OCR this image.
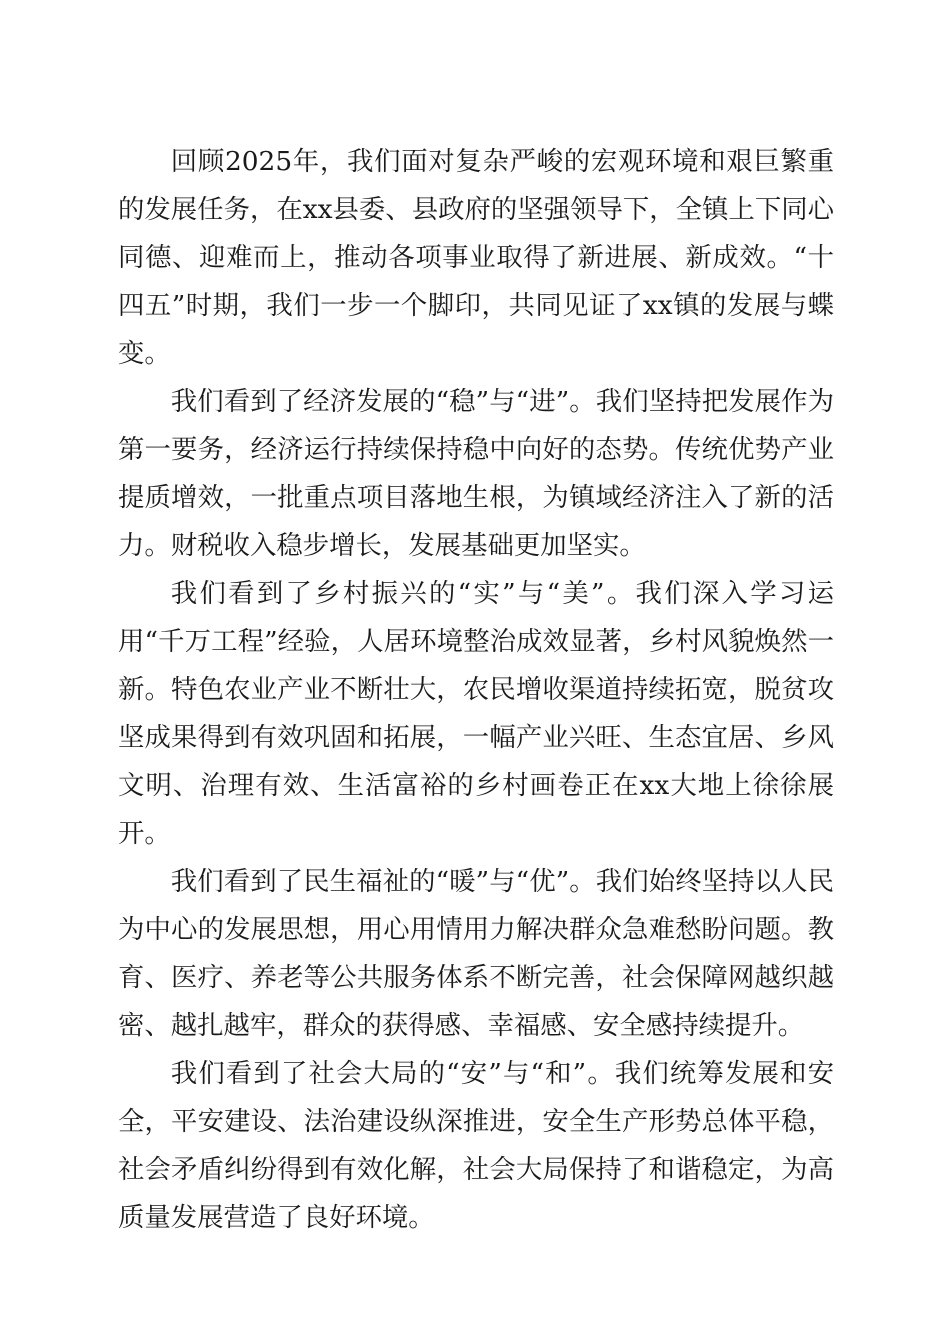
回顾2025年，我们面对复杂严峻的宏观环境和艰巨繁重的发展任务，在xx县委、县政府的坚强领导下，全镇上下同心同德、迎难而上，推动各项事业取得了新进展、新成效。“十四五”时期，我们一步一个脚印，共同见证了xx镇的发展与蝶变。

我们看到了经济发展的“稳”与“进”。我们坚持把发展作为第一要务，经济运行持续保持稳中向好的态势。传统优势产业提质增效，一批重点项目落地生根，为镇域经济注入了新的活力。财税收入稳步增长，发展基础更加坚实。

我们看到了乡村振兴的“实”与“美”。我们深入学习运用“千万工程”经验，人居环境整治成效显著，乡村风貌焕然一新。特色农业产业不断壮大，农民增收渠道持续拓宽，脱贫攻坚成果得到有效巩固和拓展，一幅产业兴旺、生态宜居、乡风文明、治理有效、生活富裕的乡村画卷正在xx大地上徐徐展开。

我们看到了民生福祉的“暖”与“优”。我们始终坚持以人民为中心的发展思想，用心用情用力解决群众急难愁盼问题。教育、医疗、养老等公共服务体系不断完善，社会保障网越织越密、越扎越牢，群众的获得感、幸福感、安全感持续提升。

我们看到了社会大局的“安”与“和”。我们统筹发展和安全，平安建设、法治建设纵深推进，安全生产形势总体平稳，社会矛盾纠纷得到有效化解，社会大局保持了和谐稳定，为高质量发展营造了良好环境。
